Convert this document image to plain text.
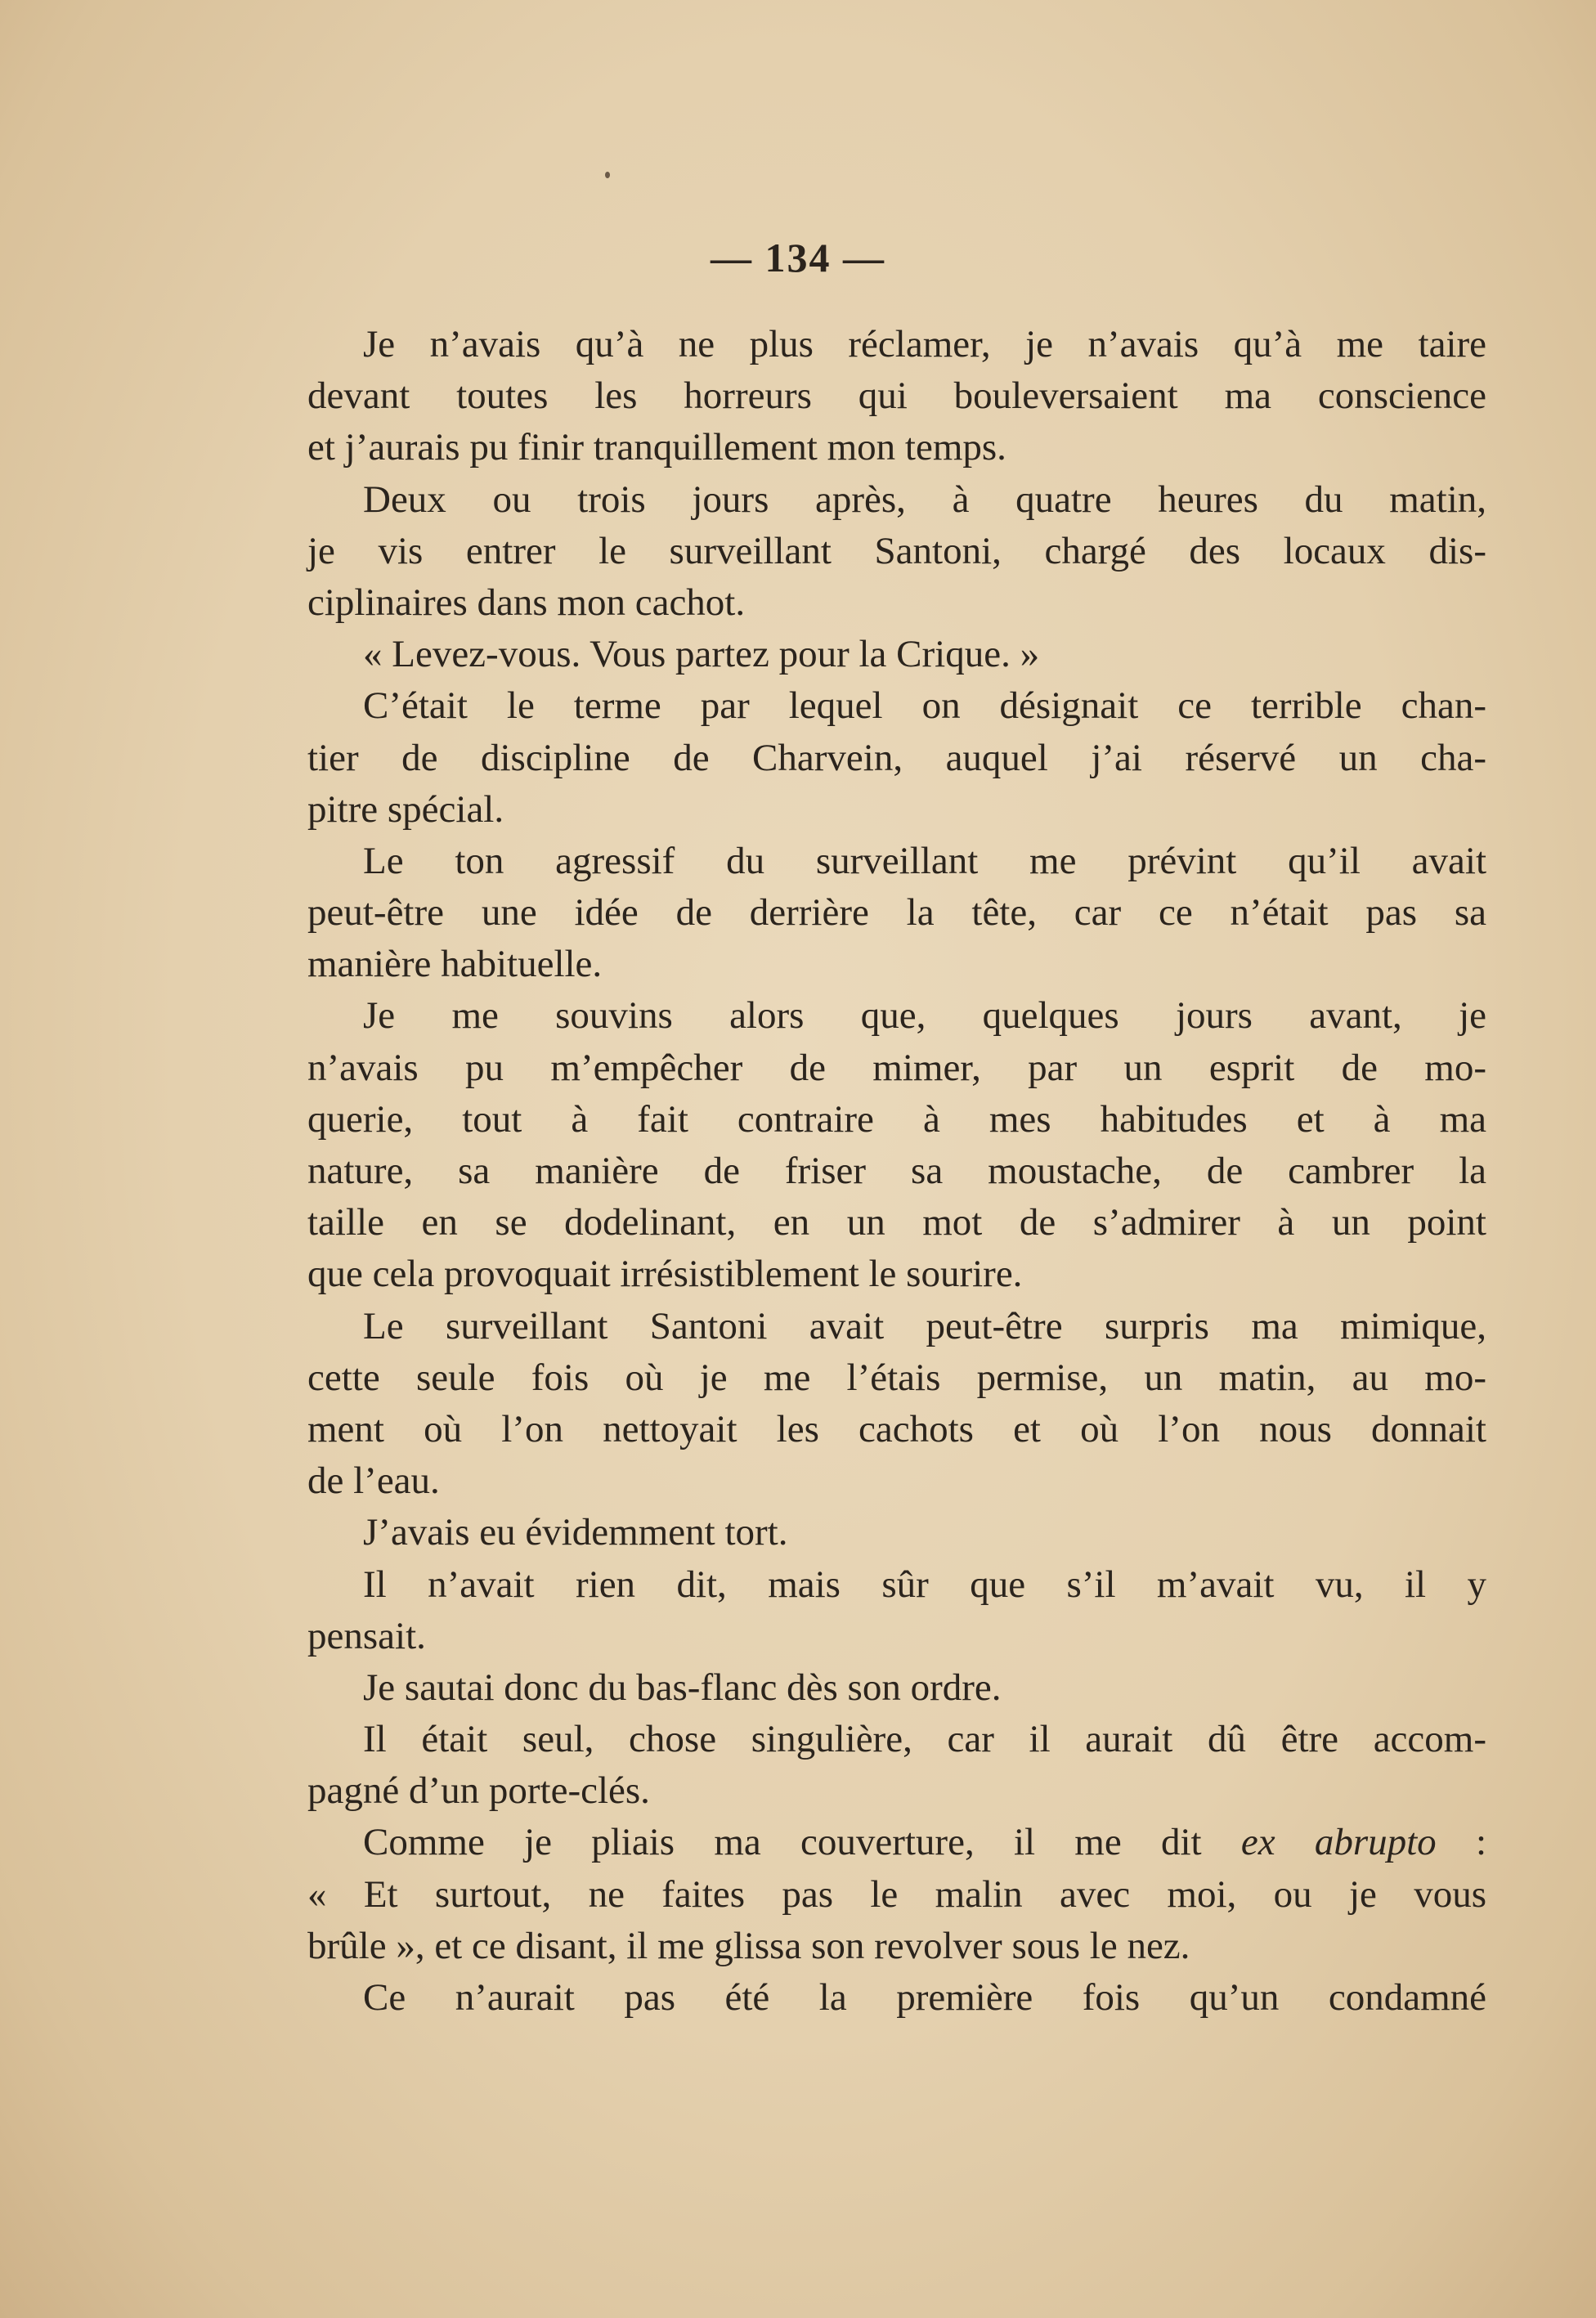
— 134 —
Je n’avais qu’à ne plus réclamer, je n’avais qu’à me taire
devant toutes les horreurs qui bouleversaient ma conscience
et j’aurais pu finir tranquillement mon temps.
Deux ou trois jours après, à quatre heures du matin,
je vis entrer le surveillant Santoni, chargé des locaux dis-
ciplinaires dans mon cachot.
« Levez-vous. Vous partez pour la Crique. »
C’était le terme par lequel on désignait ce terrible chan-
tier de discipline de Charvein, auquel j’ai réservé un cha-
pitre spécial.
Le ton agressif du surveillant me prévint qu’il avait
peut-être une idée de derrière la tête, car ce n’était pas sa
manière habituelle.
Je me souvins alors que, quelques jours avant, je
n’avais pu m’empêcher de mimer, par un esprit de mo-
querie, tout à fait contraire à mes habitudes et à ma
nature, sa manière de friser sa moustache, de cambrer la
taille en se dodelinant, en un mot de s’admirer à un point
que cela provoquait irrésistiblement le sourire.
Le surveillant Santoni avait peut-être surpris ma mimique,
cette seule fois où je me l’étais permise, un matin, au mo-
ment où l’on nettoyait les cachots et où l’on nous donnait
de l’eau.
J’avais eu évidemment tort.
Il n’avait rien dit, mais sûr que s’il m’avait vu, il y
pensait.
Je sautai donc du bas-flanc dès son ordre.
Il était seul, chose singulière, car il aurait dû être accom-
pagné d’un porte-clés.
Comme je pliais ma couverture, il me dit ex abrupto :
« Et surtout, ne faites pas le malin avec moi, ou je vous
brûle », et ce disant, il me glissa son revolver sous le nez.
Ce n’aurait pas été la première fois qu’un condamné
